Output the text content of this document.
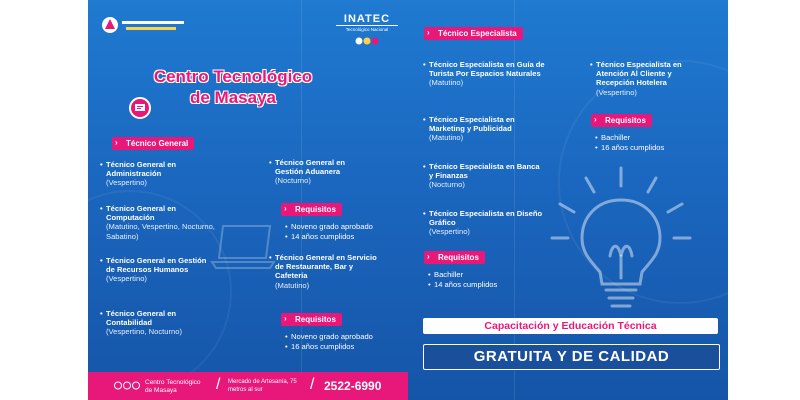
INATEC
Tecnológico Nacional
Centro Tecnológico
de Masaya
› Técnico General
• Técnico General en Administración
(Vespertino)
• Técnico General en Computación
(Matutino, Vespertino, Nocturno, Sabatino)
• Técnico General en Gestión de Recursos Humanos
(Vespertino)
• Técnico General en Contabilidad
(Vespertino, Nocturno)
• Técnico General en Gestión Aduanera
(Nocturno)
› Requisitos
• Noveno grado aprobado
• 14 años cumplidos
• Técnico General en Servicio de Restaurante, Bar y Cafetería
(Matutino)
› Requisitos
• Noveno grado aprobado
• 16 años cumplidos
Centro Tecnológico
de Masaya	/ Mercado de Artesanía, 75
metros al sur	/ 2522-6990
› Técnico Especialista
• Técnico Especialista en Guía de Turista Por Espacios Naturales
(Matutino)
• Técnico Especialista en Marketing y Publicidad
(Matutino)
• Técnico Especialista en Banca y Finanzas
(Nocturno)
• Técnico Especialista en Diseño Gráfico
(Vespertino)
› Requisitos
• Bachiller
• 14 años cumplidos
• Técnico Especialista en Atención Al Cliente y Recepción Hotelera
(Vespertino)
› Requisitos
• Bachiller
• 16 años cumplidos
Capacitación y Educación Técnica
GRATUITA Y DE CALIDAD
